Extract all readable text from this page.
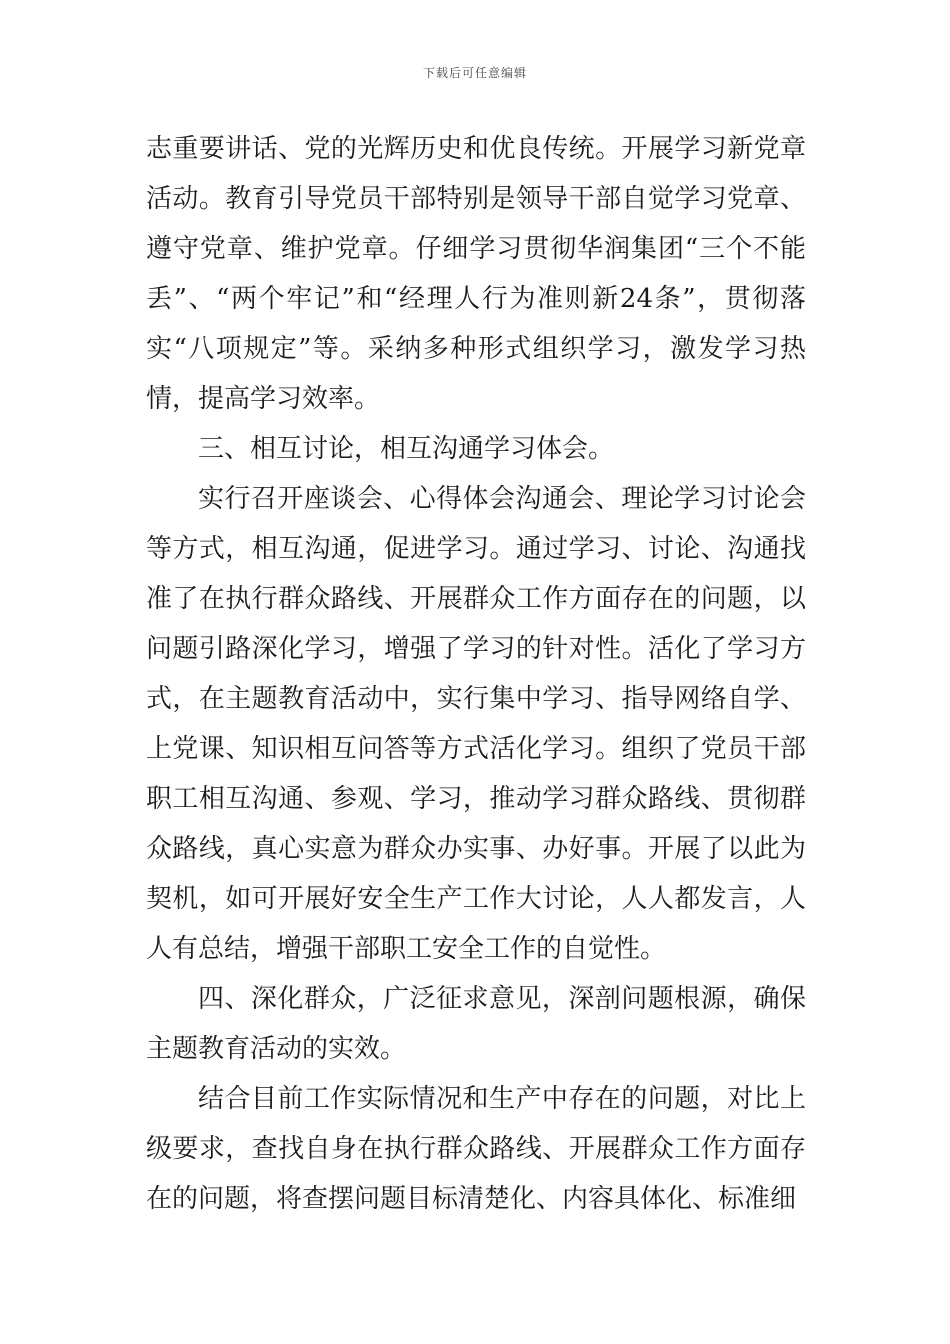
下载后可任意编辑

志重要讲话、党的光辉历史和优良传统。开展学习新党章活动。教育引导党员干部特别是领导干部自觉学习党章、遵守党章、维护党章。仔细学习贯彻华润集团“三个不能丢”、“两个牢记”和“经理人行为准则新24条”，贯彻落实“八项规定”等。采纳多种形式组织学习，激发学习热情，提高学习效率。

三、相互讨论，相互沟通学习体会。

实行召开座谈会、心得体会沟通会、理论学习讨论会等方式，相互沟通，促进学习。通过学习、讨论、沟通找准了在执行群众路线、开展群众工作方面存在的问题，以问题引路深化学习，增强了学习的针对性。活化了学习方式，在主题教育活动中，实行集中学习、指导网络自学、上党课、知识相互问答等方式活化学习。组织了党员干部职工相互沟通、参观、学习，推动学习群众路线、贯彻群众路线，真心实意为群众办实事、办好事。开展了以此为契机，如可开展好安全生产工作大讨论，人人都发言，人人有总结，增强干部职工安全工作的自觉性。

四、深化群众，广泛征求意见，深剖问题根源，确保主题教育活动的实效。

结合目前工作实际情况和生产中存在的问题，对比上级要求，查找自身在执行群众路线、开展群众工作方面存在的问题，将查摆问题目标清楚化、内容具体化、标准细
